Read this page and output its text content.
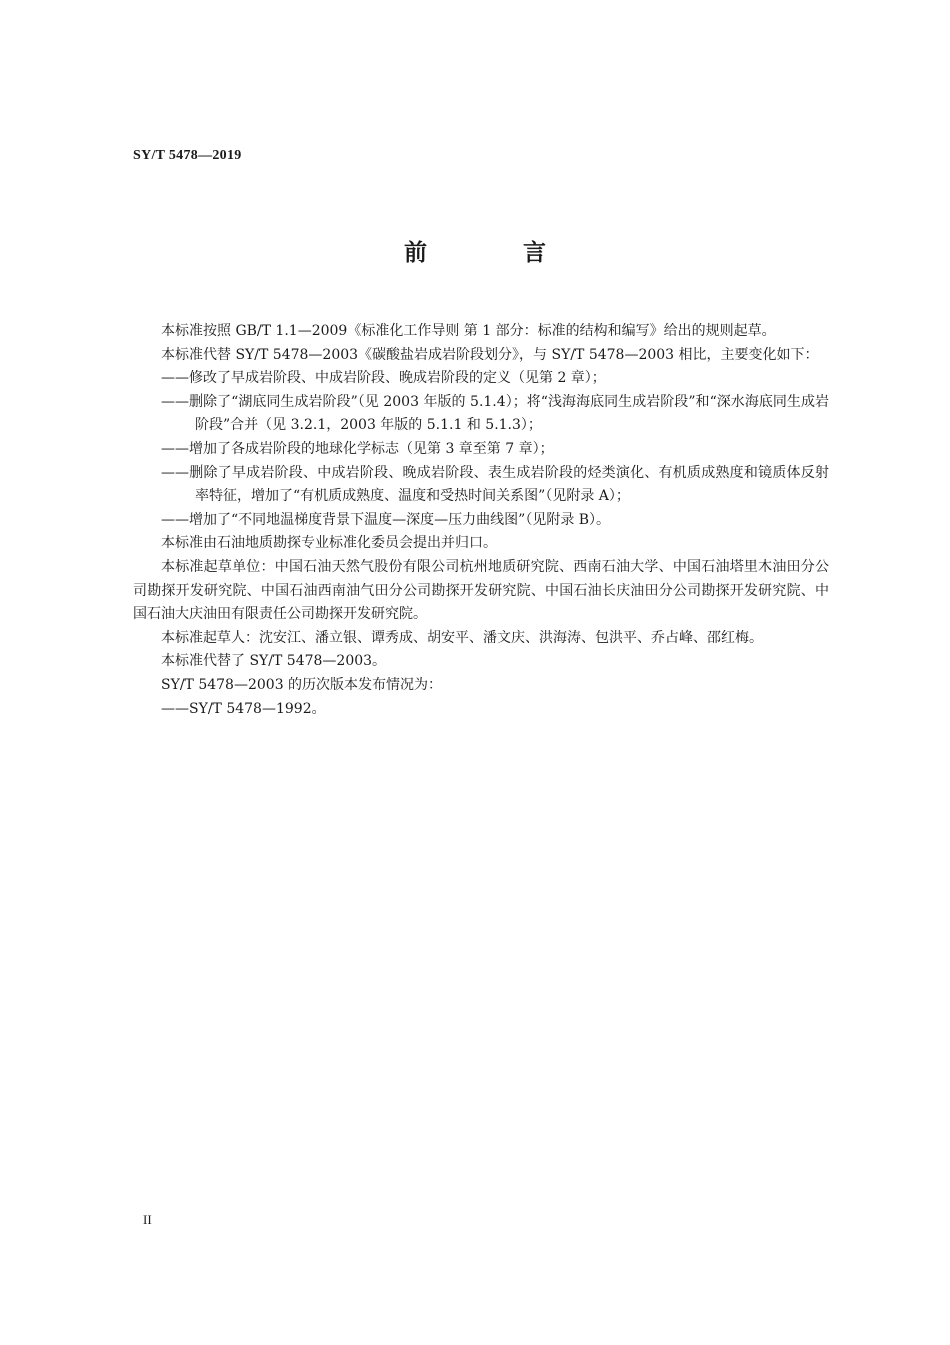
SY/T 5478—2019
前 言

本标准按照 GB/T 1.1—2009《标准化工作导则 第 1 部分：标准的结构和编写》给出的规则起草。

本标准代替 SY/T 5478—2003《碳酸盐岩成岩阶段划分》，与 SY/T 5478—2003 相比，主要变化如下：

——修改了早成岩阶段、中成岩阶段、晚成岩阶段的定义（见第 2 章）；

——删除了“湖底同生成岩阶段”（见 2003 年版的 5.1.4）；将“浅海海底同生成岩阶段”和“深水海底同生成岩阶段”合并（见 3.2.1，2003 年版的 5.1.1 和 5.1.3）；

——增加了各成岩阶段的地球化学标志（见第 3 章至第 7 章）；

——删除了早成岩阶段、中成岩阶段、晚成岩阶段、表生成岩阶段的烃类演化、有机质成熟度和镜质体反射率特征，增加了“有机质成熟度、温度和受热时间关系图”（见附录 A）；

——增加了“不同地温梯度背景下温度—深度—压力曲线图”（见附录 B）。

本标准由石油地质勘探专业标准化委员会提出并归口。

本标准起草单位：中国石油天然气股份有限公司杭州地质研究院、西南石油大学、中国石油塔里木油田分公司勘探开发研究院、中国石油西南油气田分公司勘探开发研究院、中国石油长庆油田分公司勘探开发研究院、中国石油大庆油田有限责任公司勘探开发研究院。

本标准起草人：沈安江、潘立银、谭秀成、胡安平、潘文庆、洪海涛、包洪平、乔占峰、邵红梅。

本标准代替了 SY/T 5478—2003。

SY/T 5478—2003 的历次版本发布情况为：

——SY/T 5478—1992。

II
